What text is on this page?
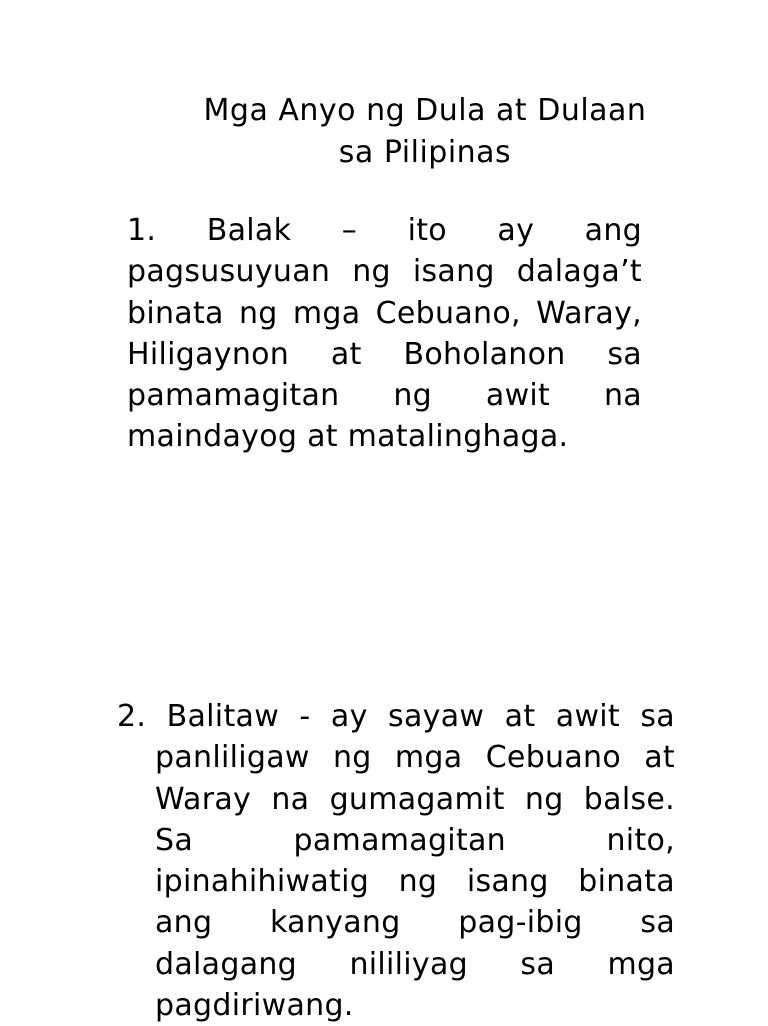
Mga Anyo ng Dula at Dulaan
sa Pilipinas
1. Balak – ito ay ang pagsusuyuan ng isang dalaga’t binata ng mga Cebuano, Waray, Hiligaynon at Boholanon sa pamamagitan ng awit na maindayog at matalinghaga.
2. Balitaw - ay sayaw at awit sa panliligaw ng mga Cebuano at Waray na gumagamit ng balse. Sa pamamagitan nito, ipinahihiwatig ng isang binata ang kanyang pag-ibig sa dalagang nililiyag sa mga pagdiriwang.
